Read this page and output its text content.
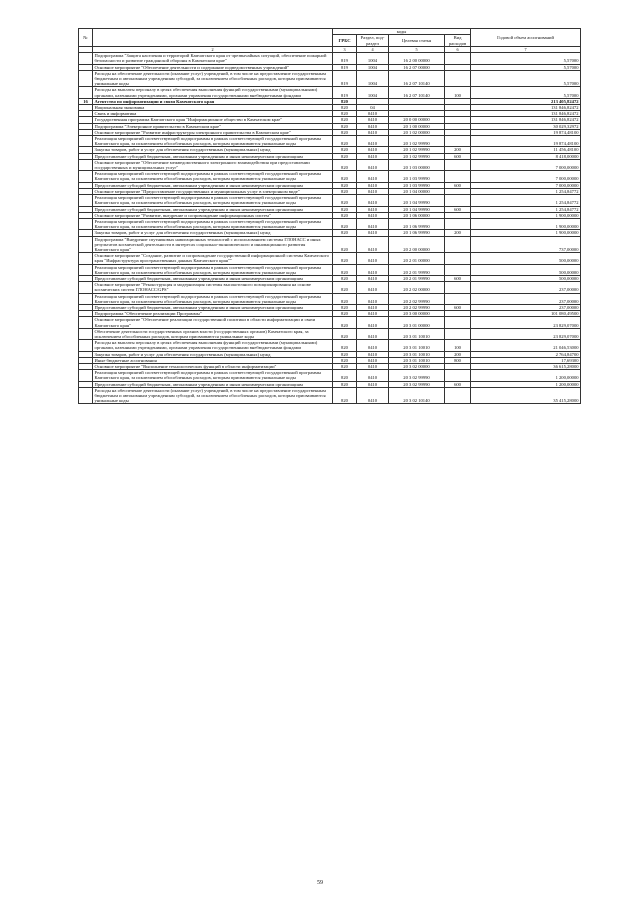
№		коды				Годовой объем ассигнований
		ГРБС	Раздел, под-раздел	Целевая статья	Вид расходов	
	2	3	4	5	6	7
	Подпрограмма "Защита населения и территорий Камчатского края от чрезвычайных ситуаций, обеспечение пожарной безопасности и развитие гражданской обороны в Камчатском крае"	819	1004	16 2 00 00000		5,57000
	Основное мероприятие "Обеспечение деятельности и содержание подведомственных учреждений"	819	1004	16 2 07 00000		5,57000
	Расходы на обеспечение деятельности (оказание услуг) учреждений, в том числе на предоставление государственным бюджетным и автономным учреждениям субсидий, за исключением обособленных расходов, которым присваиваются уникальные коды	819	1004	16 2 07 10140		5,57000
	Расходы на выплаты персоналу в целях обеспечения выполнения функций государственными (муниципальными) органами, казенными учреждениями, органами управления государственными внебюджетными фондами	819	1004	16 2 07 10140	100	5,57000
16	Агентство по информатизации и связи Камчатского края	820				213 405,82472
	Национальная экономика	820	04			131 846,82472
	Связь и информатика	820	0410			131 846,82472
	Государственная программа Камчатского края "Информационное общество в Камчатском крае"	820	0410	20 0 00 00000		131 846,82472
	Подпрограмма "Электронное правительство в Камчатском крае"	820	0410	20 1 00 00000		30 029,32972
	Основное мероприятие "Развитие инфраструктуры электронного правительства в Камчатском крае"	820	0410	20 1 02 00000		19 874,48100
	Реализация мероприятий соответствующей подпрограммы в рамках соответствующей государственной программы Камчатского края, за исключением обособленных расходов, которым присваиваются уникальные коды	820	0410	20 1 02 99990		19 874,48100
	Закупка товаров, работ и услуг для обеспечения государственных (муниципальных) нужд	820	0410	20 1 02 99990	200	11 456,48100
	Предоставление субсидий бюджетным, автономным учреждениям и иным некоммерческим организациям	820	0410	20 1 02 99990	600	8 418,00000
	Основное мероприятие "Обеспечение межведомственного электронного взаимодействия при предоставлении государственных и муниципальных услуг"	820	0410	20 1 03 00000		7 000,00000
	Реализация мероприятий соответствующей подпрограммы в рамках соответствующей государственной программы Камчатского края, за исключением обособленных расходов, которым присваиваются уникальные коды	820	0410	20 1 03 99990		7 000,00000
	Предоставление субсидий бюджетным, автономным учреждениям и иным некоммерческим организациям	820	0410	20 1 03 99990	600	7 000,00000
	Основное мероприятие "Предоставление государственных и муниципальных услуг в электронном виде"	820	0410	20 1 04 00000		1 254,84772
	Реализация мероприятий соответствующей подпрограммы в рамках соответствующей государственной программы Камчатского края, за исключением обособленных расходов, которым присваиваются уникальные коды	820	0410	20 1 04 99990		1 254,84772
	Предоставление субсидий бюджетным, автономным учреждениям и иным некоммерческим организациям	820	0410	20 1 04 99990	600	1 254,84772
	Основное мероприятие "Развитие, внедрение и сопровождение информационных систем"	820	0410	20 1 06 00000		1 900,00000
	Реализация мероприятий соответствующей подпрограммы в рамках соответствующей государственной программы Камчатского края, за исключением обособленных расходов, которым присваиваются уникальные коды	820	0410	20 1 06 99990		1 900,00000
	Закупка товаров, работ и услуг для обеспечения государственных (муниципальных) нужд	820	0410	20 1 06 99990	200	1 900,00000
	Подпрограмма "Внедрение спутниковых навигационных технологий с использованием системы ГЛОНАСС и иных результатов космической деятельности в интересах социально-экономического и инновационного развития Камчатского края"	820	0410	20 2 00 00000		737,00000
	Основное мероприятие "Создание, развитие и сопровождение государственной информационной системы Камчатского края "Инфраструктура пространственных данных Камчатского края""	820	0410	20 2 01 00000		500,00000
	Реализация мероприятий соответствующей подпрограммы в рамках соответствующей государственной программы Камчатского края, за исключением обособленных расходов, которым присваиваются уникальные коды	820	0410	20 2 01 99990		500,00000
	Предоставление субсидий бюджетным, автономным учреждениям и иным некоммерческим организациям	820	0410	20 2 01 99990	600	500,00000
	Основное мероприятие "Реконструкция и модернизация системы высокоточного позиционирования на основе космических систем ГЛОНАСС/GPS"	820	0410	20 2 02 00000		237,00000
	Реализация мероприятий соответствующей подпрограммы в рамках соответствующей государственной программы Камчатского края, за исключением обособленных расходов, которым присваиваются уникальные коды	820	0410	20 2 02 99990		237,00000
	Предоставление субсидий бюджетным, автономным учреждениям и иным некоммерческим организациям	820	0410	20 2 02 99990	600	237,00000
	Подпрограмма "Обеспечение реализации Программы"	820	0410	20 3 00 00000		101 080,49500
	Основное мероприятие "Обеспечение реализации государственной политики в области информатизации и связи Камчатского края"	820	0410	20 3 01 00000		23 829,07000
	Обеспечение деятельности государственных органов власти (государственных органов) Камчатского края, за исключением обособленных расходов, которым присваиваются уникальные коды	820	0410	20 3 01 10010		23 829,07000
	Расходы на выплаты персоналу в целях обеспечения выполнения функций государственными (муниципальными) органами, казенными учреждениями, органами управления государственными внебюджетными фондами	820	0410	20 3 01 10010	100	21 046,53000
	Закупка товаров, работ и услуг для обеспечения государственных (муниципальных) нужд	820	0410	20 3 01 10010	200	2 764,84700
	Иные бюджетные ассигнования	820	0410	20 3 01 10010	800	17,69300
	Основное мероприятие "Выполнение технологических функций в области информатизации"	820	0410	20 3 02 00000		36 615,28000
	Реализация мероприятий соответствующей подпрограммы в рамках соответствующей государственной программы Камчатского края, за исключением обособленных расходов, которым присваиваются уникальные коды	820	0410	20 3 02 99990		1 200,00000
	Предоставление субсидий бюджетным, автономным учреждениям и иным некоммерческим организациям	820	0410	20 3 02 99990	600	1 200,00000
	Расходы на обеспечение деятельности (оказание услуг) учреждений, в том числе на предоставление государственным бюджетным и автономным учреждениям субсидий, за исключением обособленных расходов, которым присваиваются уникальные коды	820	0410	20 3 02 10140		35 415,28000
59
